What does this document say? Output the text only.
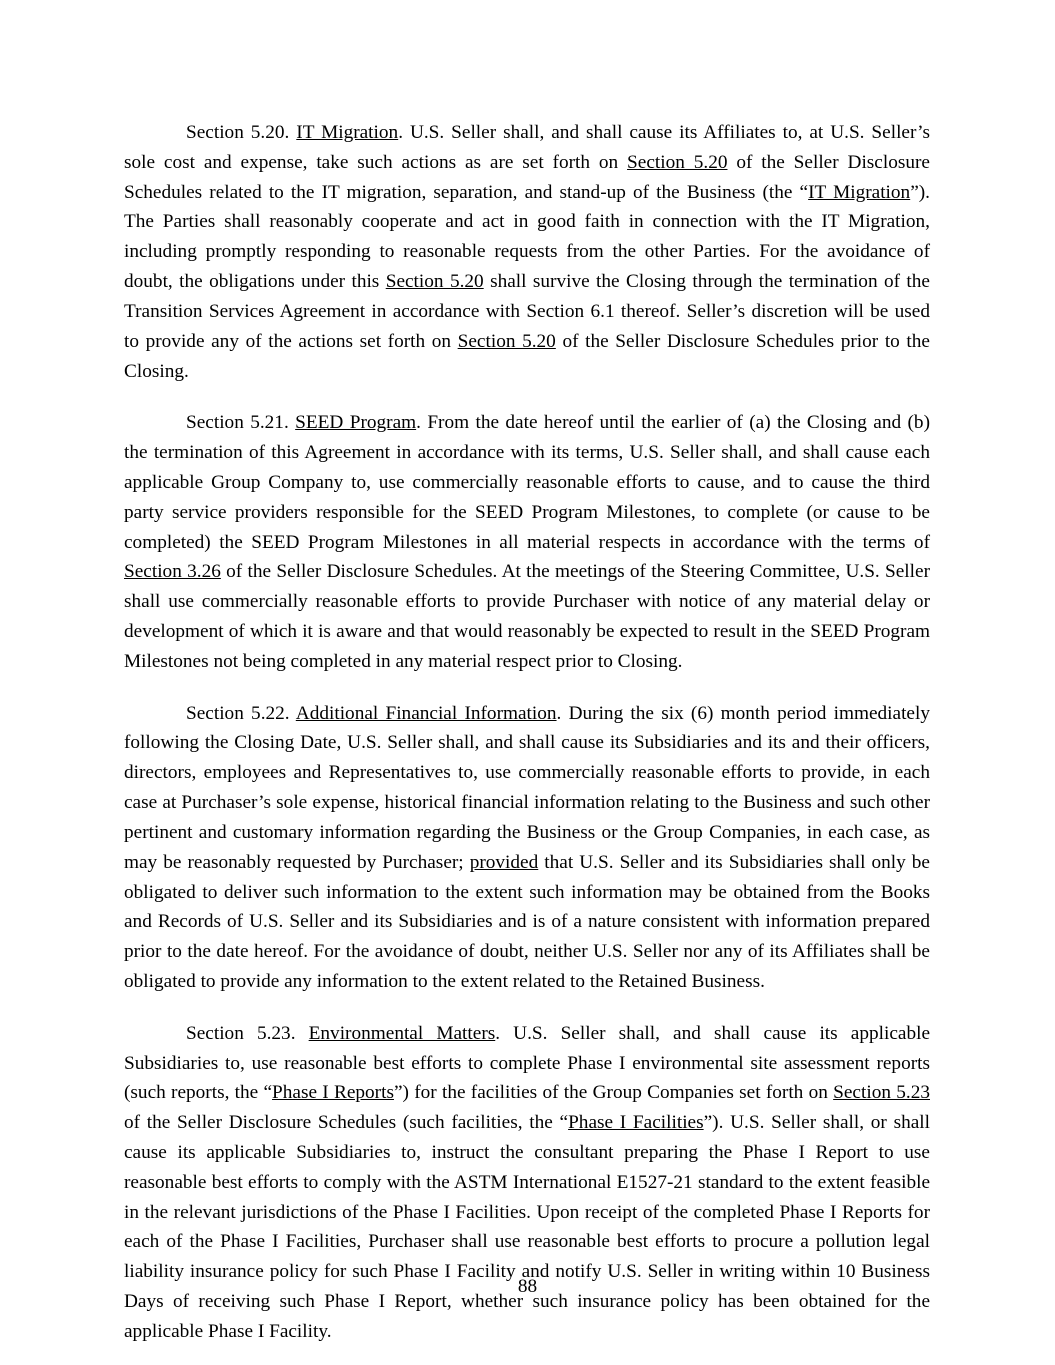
Section 5.20. IT Migration. U.S. Seller shall, and shall cause its Affiliates to, at U.S. Seller’s sole cost and expense, take such actions as are set forth on Section 5.20 of the Seller Disclosure Schedules related to the IT migration, separation, and stand-up of the Business (the “IT Migration”). The Parties shall reasonably cooperate and act in good faith in connection with the IT Migration, including promptly responding to reasonable requests from the other Parties. For the avoidance of doubt, the obligations under this Section 5.20 shall survive the Closing through the termination of the Transition Services Agreement in accordance with Section 6.1 thereof. Seller’s discretion will be used to provide any of the actions set forth on Section 5.20 of the Seller Disclosure Schedules prior to the Closing.

Section 5.21. SEED Program. From the date hereof until the earlier of (a) the Closing and (b) the termination of this Agreement in accordance with its terms, U.S. Seller shall, and shall cause each applicable Group Company to, use commercially reasonable efforts to cause, and to cause the third party service providers responsible for the SEED Program Milestones, to complete (or cause to be completed) the SEED Program Milestones in all material respects in accordance with the terms of Section 3.26 of the Seller Disclosure Schedules. At the meetings of the Steering Committee, U.S. Seller shall use commercially reasonable efforts to provide Purchaser with notice of any material delay or development of which it is aware and that would reasonably be expected to result in the SEED Program Milestones not being completed in any material respect prior to Closing.

Section 5.22. Additional Financial Information. During the six (6) month period immediately following the Closing Date, U.S. Seller shall, and shall cause its Subsidiaries and its and their officers, directors, employees and Representatives to, use commercially reasonable efforts to provide, in each case at Purchaser’s sole expense, historical financial information relating to the Business and such other pertinent and customary information regarding the Business or the Group Companies, in each case, as may be reasonably requested by Purchaser; provided that U.S. Seller and its Subsidiaries shall only be obligated to deliver such information to the extent such information may be obtained from the Books and Records of U.S. Seller and its Subsidiaries and is of a nature consistent with information prepared prior to the date hereof. For the avoidance of doubt, neither U.S. Seller nor any of its Affiliates shall be obligated to provide any information to the extent related to the Retained Business.

Section 5.23. Environmental Matters. U.S. Seller shall, and shall cause its applicable Subsidiaries to, use reasonable best efforts to complete Phase I environmental site assessment reports (such reports, the “Phase I Reports”) for the facilities of the Group Companies set forth on Section 5.23 of the Seller Disclosure Schedules (such facilities, the “Phase I Facilities”). U.S. Seller shall, or shall cause its applicable Subsidiaries to, instruct the consultant preparing the Phase I Report to use reasonable best efforts to comply with the ASTM International E1527-21 standard to the extent feasible in the relevant jurisdictions of the Phase I Facilities. Upon receipt of the completed Phase I Reports for each of the Phase I Facilities, Purchaser shall use reasonable best efforts to procure a pollution legal liability insurance policy for such Phase I Facility and notify U.S. Seller in writing within 10 Business Days of receiving such Phase I Report, whether such insurance policy has been obtained for the applicable Phase I Facility.

88
